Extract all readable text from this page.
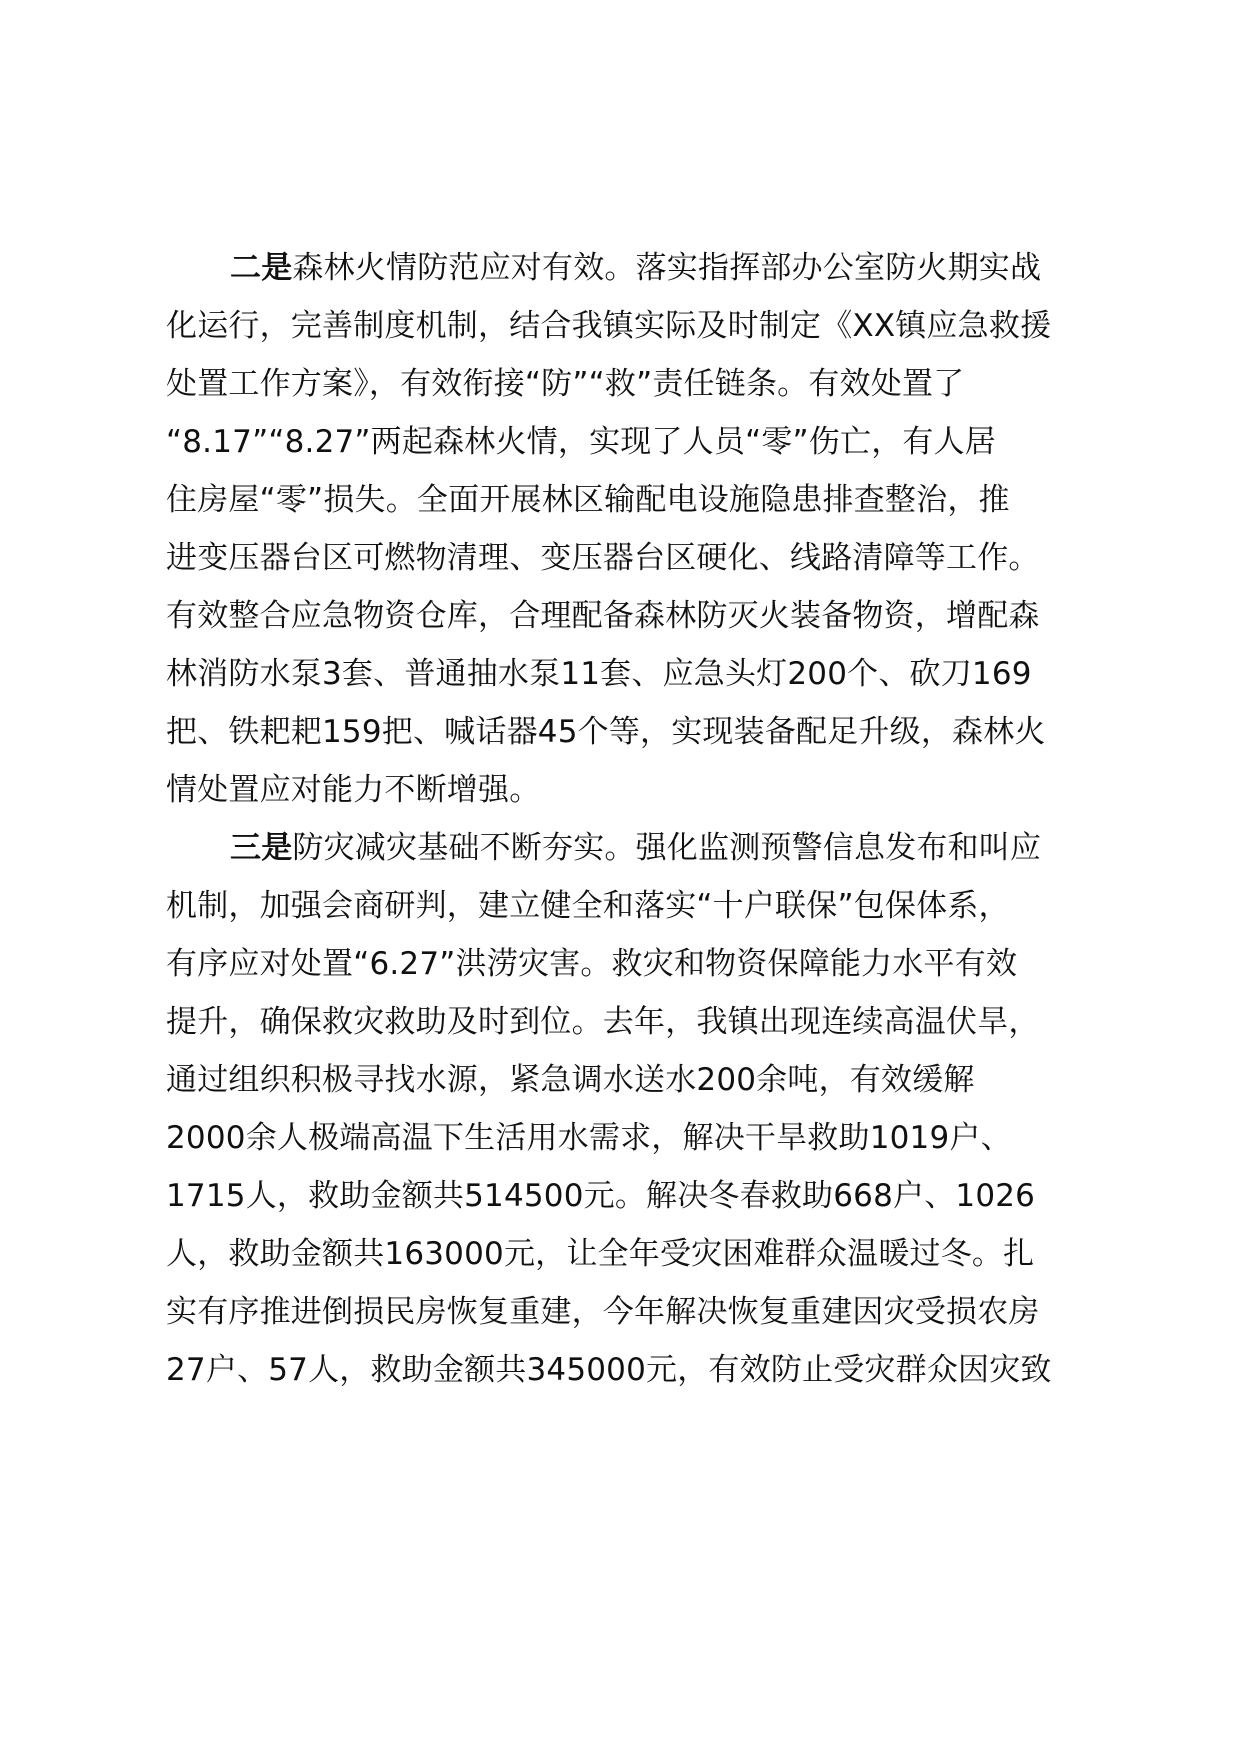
二是森林火情防范应对有效。落实指挥部办公室防火期实战
化运行，完善制度机制，结合我镇实际及时制定《XX镇应急救援
处置工作方案》，有效衔接“防”“救”责任链条。有效处置了
“8.17”“8.27”两起森林火情，实现了人员“零”伤亡，有人居
住房屋“零”损失。全面开展林区输配电设施隐患排查整治，推
进变压器台区可燃物清理、变压器台区硬化、线路清障等工作。
有效整合应急物资仓库，合理配备森林防灭火装备物资，增配森
林消防水泵3套、普通抽水泵11套、应急头灯200个、砍刀169
把、铁耙耙159把、喊话器45个等，实现装备配足升级，森林火
情处置应对能力不断增强。
三是防灾减灾基础不断夯实。强化监测预警信息发布和叫应
机制，加强会商研判，建立健全和落实“十户联保”包保体系，
有序应对处置“6.27”洪涝灾害。救灾和物资保障能力水平有效
提升，确保救灾救助及时到位。去年，我镇出现连续高温伏旱，
通过组织积极寻找水源，紧急调水送水200余吨，有效缓解
2000余人极端高温下生活用水需求，解决干旱救助1019户、
1715人，救助金额共514500元。解决冬春救助668户、1026
人，救助金额共163000元，让全年受灾困难群众温暖过冬。扎
实有序推进倒损民房恢复重建，今年解决恢复重建因灾受损农房
27户、57人，救助金额共345000元，有效防止受灾群众因灾致
